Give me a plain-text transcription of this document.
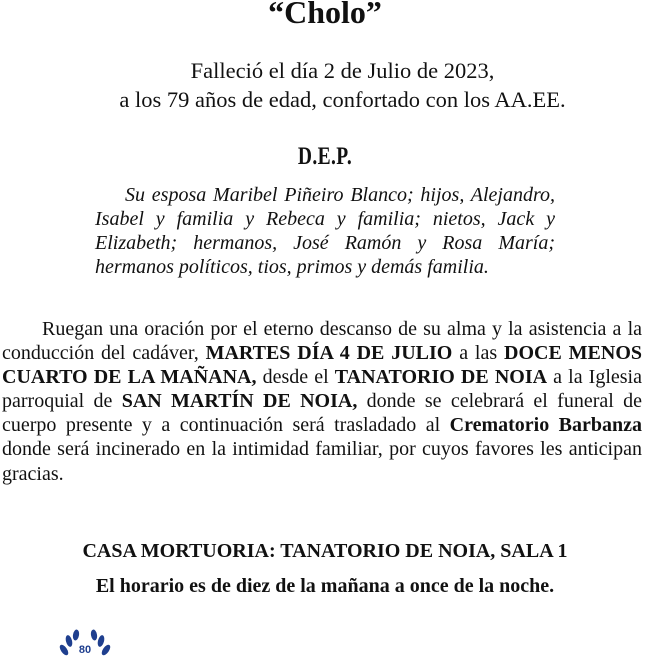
“Cholo”
Falleció el día 2 de Julio de 2023,
a los 79 años de edad, confortado con los AA.EE.
D.E.P.

Su esposa Maribel Piñeiro Blanco; hijos, Alejandro, Isabel y familia y Rebeca y familia; nietos, Jack y Elizabeth; hermanos, José Ramón y Rosa María; hermanos políticos, tios, primos y demás familia.

Ruegan una oración por el eterno descanso de su alma y la asistencia a la conducción del cadáver, MARTES DÍA 4 DE JULIO a las DOCE MENOS CUARTO DE LA MAÑANA, desde el TANATORIO DE NOIA a la Iglesia parroquial de SAN MARTÍN DE NOIA, donde se celebrará el funeral de cuerpo presente y a continuación será trasladado al Crematorio Barbanza donde será incinerado en la intimidad familiar, por cuyos favores les anticipan gracias.

CASA MORTUORIA: TANATORIO DE NOIA, SALA 1
El horario es de diez de la mañana a once de la noche.
80
